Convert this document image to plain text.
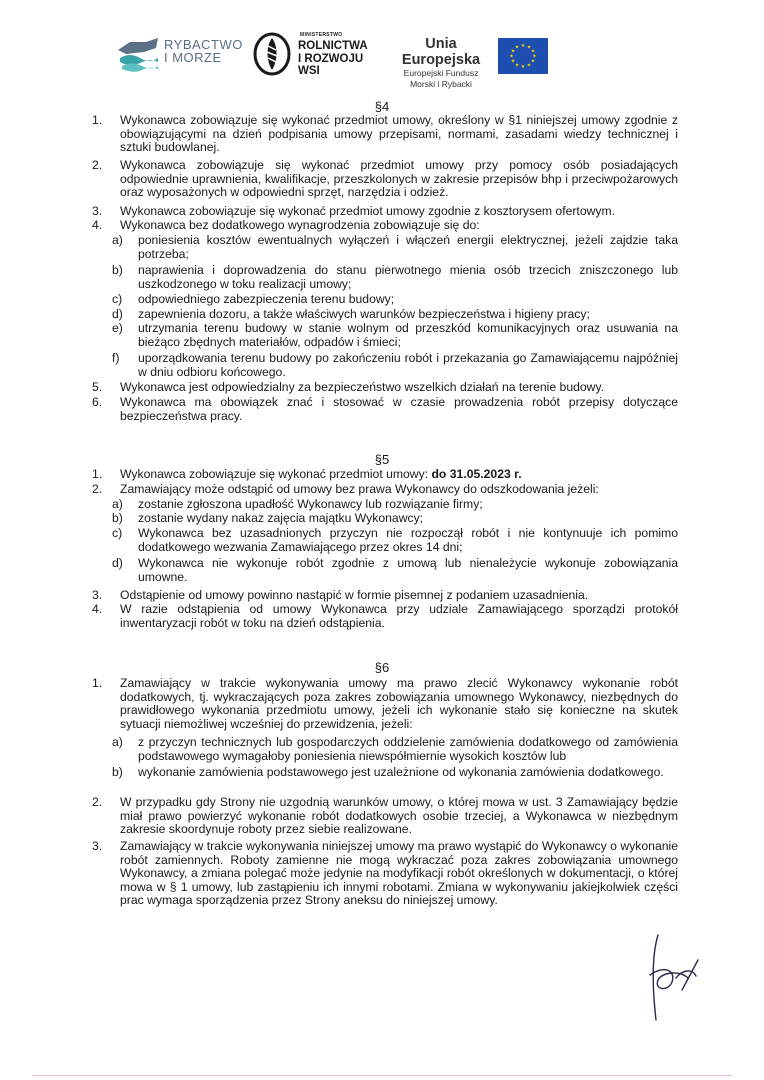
RYBACTWO
I MORZE
MINISTERSTWO
ROLNICTWA
I ROZWOJU WSI
Unia Europejska
Europejski Fundusz
Morski i Rybacki
★ ★
★
★
★
★
★
★
★
★
★
★
§4
1. Wykonawca zobowiązuje się wykonać przedmiot umowy, określony w §1 niniejszej umowy zgodnie z obowiązującymi na dzień podpisania umowy przepisami, normami, zasadami wiedzy technicznej i sztuki budowlanej.
2. Wykonawca zobowiązuje się wykonać przedmiot umowy przy pomocy osób posiadających odpowiednie uprawnienia, kwalifikacje, przeszkolonych w zakresie przepisów bhp i przeciwpożarowych oraz wyposażonych w odpowiedni sprzęt, narzędzia i odzież.
3. Wykonawca zobowiązuje się wykonać przedmiot umowy zgodnie z kosztorysem ofertowym.
4. Wykonawca bez dodatkowego wynagrodzenia zobowiązuje się do:
a) poniesienia kosztów ewentualnych wyłączeń i włączeń energii elektrycznej, jeżeli zajdzie taka potrzeba;
b) naprawienia i doprowadzenia do stanu pierwotnego mienia osób trzecich zniszczonego lub uszkodzonego w toku realizacji umowy;
c) odpowiedniego zabezpieczenia terenu budowy;
d) zapewnienia dozoru, a także właściwych warunków bezpieczeństwa i higieny pracy;
e) utrzymania terenu budowy w stanie wolnym od przeszkód komunikacyjnych oraz usuwania na bieżąco zbędnych materiałów, odpadów i śmieci;
f) uporządkowania terenu budowy po zakończeniu robót i przekazania go Zamawiającemu najpóźniej w dniu odbioru końcowego.
5. Wykonawca jest odpowiedzialny za bezpieczeństwo wszelkich działań na terenie budowy.
6. Wykonawca ma obowiązek znać i stosować w czasie prowadzenia robót przepisy dotyczące bezpieczeństwa pracy.
§5
1. Wykonawca zobowiązuje się wykonać przedmiot umowy: do 31.05.2023 r.
2. Zamawiający może odstąpić od umowy bez prawa Wykonawcy do odszkodowania jeżeli:
a) zostanie zgłoszona upadłość Wykonawcy lub rozwiązanie firmy;
b) zostanie wydany nakaz zajęcia majątku Wykonawcy;
c) Wykonawca bez uzasadnionych przyczyn nie rozpoczął robót i nie kontynuuje ich pomimo dodatkowego wezwania Zamawiającego przez okres 14 dni;
d) Wykonawca nie wykonuje robót zgodnie z umową lub nienależycie wykonuje zobowiązania umowne.
3. Odstąpienie od umowy powinno nastąpić w formie pisemnej z podaniem uzasadnienia.
4. W razie odstąpienia od umowy Wykonawca przy udziale Zamawiającego sporządzi protokół inwentaryzacji robót w toku na dzień odstąpienia.
§6
1. Zamawiający w trakcie wykonywania umowy ma prawo zlecić Wykonawcy wykonanie robót dodatkowych, tj. wykraczających poza zakres zobowiązania umownego Wykonawcy, niezbędnych do prawidłowego wykonania przedmiotu umowy, jeżeli ich wykonanie stało się konieczne na skutek sytuacji niemożliwej wcześniej do przewidzenia, jeżeli:
a) z przyczyn technicznych lub gospodarczych oddzielenie zamówienia dodatkowego od zamówienia podstawowego wymagałoby poniesienia niewspółmiernie wysokich kosztów lub
b) wykonanie zamówienia podstawowego jest uzależnione od wykonania zamówienia dodatkowego.
2. W przypadku gdy Strony nie uzgodnią warunków umowy, o której mowa w ust. 3 Zamawiający będzie miał prawo powierzyć wykonanie robót dodatkowych osobie trzeciej, a Wykonawca w niezbędnym zakresie skoordynuje roboty przez siebie realizowane.
3. Zamawiający w trakcie wykonywania niniejszej umowy ma prawo wystąpić do Wykonawcy o wykonanie robót zamiennych. Roboty zamienne nie mogą wykraczać poza zakres zobowiązania umownego Wykonawcy, a zmiana polegać może jedynie na modyfikacji robót określonych w dokumentacji, o której mowa w § 1 umowy, lub zastąpieniu ich innymi robotami. Zmiana w wykonywaniu jakiejkolwiek części prac wymaga sporządzenia przez Strony aneksu do niniejszej umowy.
